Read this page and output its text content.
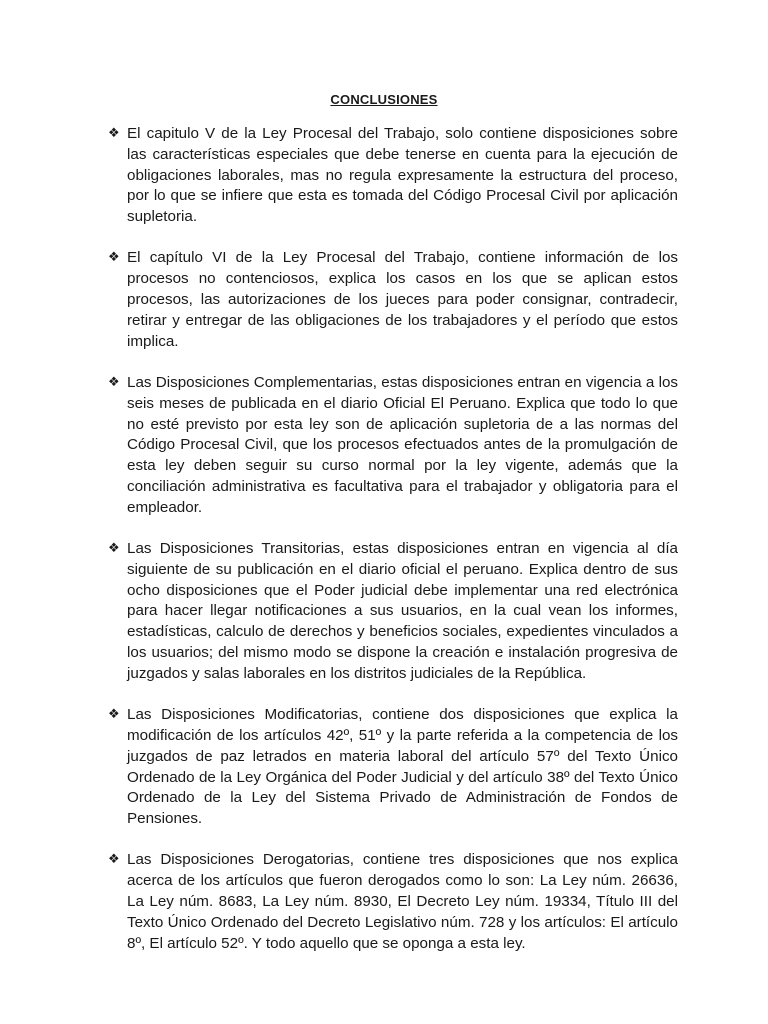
CONCLUSIONES
❖ El capitulo V de la Ley Procesal del Trabajo, solo contiene disposiciones sobre las características especiales que debe tenerse en cuenta para la ejecución de obligaciones laborales, mas no regula expresamente la estructura del proceso, por lo que se infiere que esta es tomada del Código Procesal Civil por aplicación supletoria.
❖ El capítulo VI de la Ley Procesal del Trabajo, contiene información de los procesos no contenciosos, explica los casos en los que se aplican estos procesos, las autorizaciones de los jueces para poder consignar, contradecir, retirar y entregar de las obligaciones de los trabajadores y el período que estos implica.
❖ Las Disposiciones Complementarias, estas disposiciones entran en vigencia a los seis meses de publicada en el diario Oficial El Peruano. Explica que todo lo que no esté previsto por esta ley son de aplicación supletoria de a las normas del Código Procesal Civil, que los procesos efectuados antes de la promulgación de esta ley deben seguir su curso normal por la ley vigente, además que la conciliación administrativa es facultativa para el trabajador y obligatoria para el empleador.
❖ Las Disposiciones Transitorias, estas disposiciones entran en vigencia al día siguiente de su publicación en el diario oficial el peruano. Explica dentro de sus ocho disposiciones que el Poder judicial debe implementar una red electrónica para hacer llegar notificaciones a sus usuarios, en la cual vean los informes, estadísticas, calculo de derechos y beneficios sociales, expedientes vinculados a los usuarios; del mismo modo se dispone la creación e instalación progresiva de juzgados y salas laborales en los distritos judiciales de la República.
❖ Las Disposiciones Modificatorias, contiene dos disposiciones que explica la modificación de los artículos 42º, 51º y la parte referida a la competencia de los juzgados de paz letrados en materia laboral del artículo 57º del Texto Único Ordenado de la Ley Orgánica del Poder Judicial y del artículo 38º del Texto Único Ordenado de la Ley del Sistema Privado de Administración de Fondos de Pensiones.
❖ Las Disposiciones Derogatorias, contiene tres disposiciones que nos explica acerca de los artículos que fueron derogados como lo son: La Ley núm. 26636, La Ley núm. 8683, La Ley núm. 8930, El Decreto Ley núm. 19334, Título III del Texto Único Ordenado del Decreto Legislativo núm. 728 y los artículos: El artículo 8º, El artículo 52º. Y todo aquello que se oponga a esta ley.
